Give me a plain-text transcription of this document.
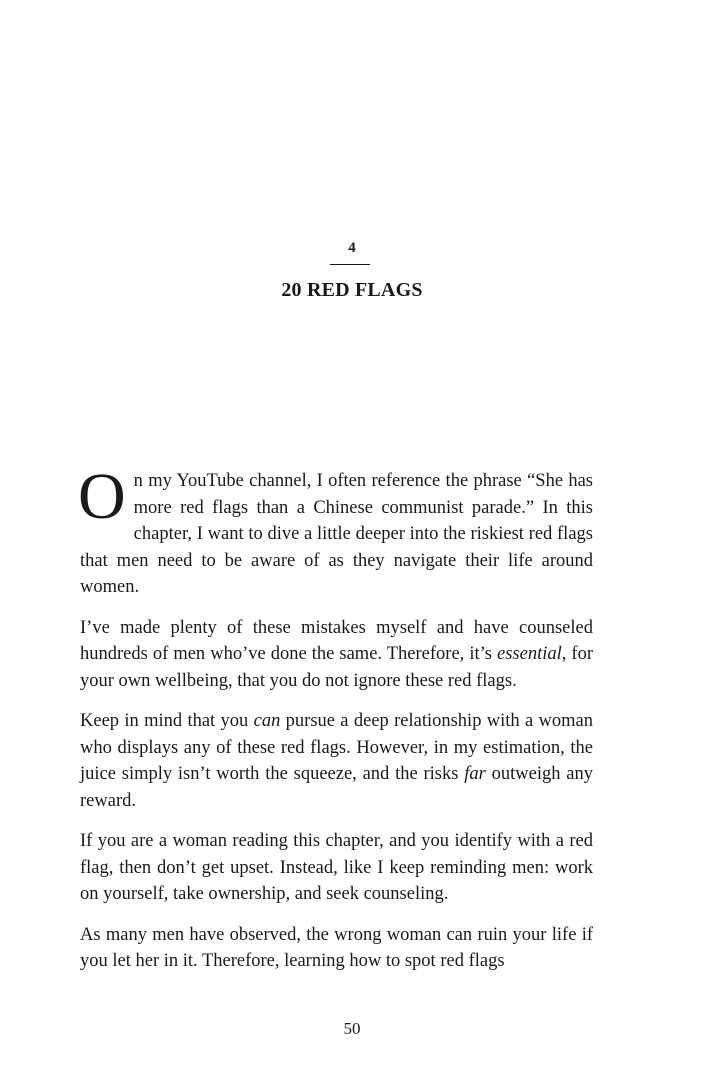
4
20 RED FLAGS

On my YouTube channel, I often reference the phrase “She has more red flags than a Chinese communist parade.” In this chapter, I want to dive a little deeper into the riskiest red flags that men need to be aware of as they navigate their life around women.

I’ve made plenty of these mistakes myself and have counseled hundreds of men who’ve done the same. Therefore, it’s essential, for your own wellbeing, that you do not ignore these red flags.

Keep in mind that you can pursue a deep relationship with a woman who displays any of these red flags. However, in my estimation, the juice simply isn’t worth the squeeze, and the risks far outweigh any reward.

If you are a woman reading this chapter, and you identify with a red flag, then don’t get upset. Instead, like I keep reminding men: work on yourself, take ownership, and seek counseling.

As many men have observed, the wrong woman can ruin your life if you let her in it. Therefore, learning how to spot red flags

50
